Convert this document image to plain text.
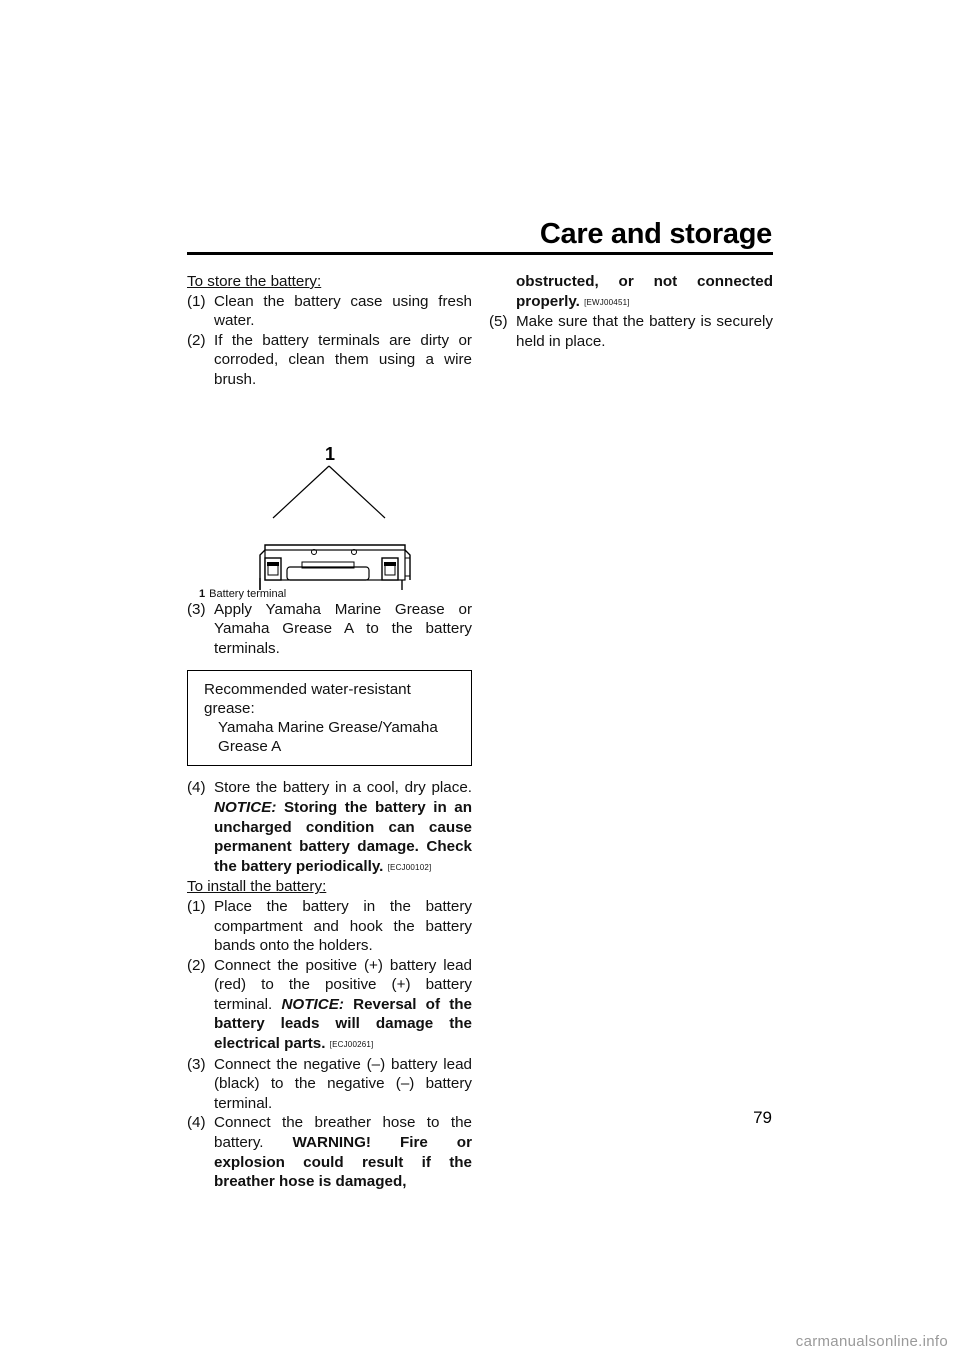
Care and storage

To store the battery:

(1) Clean the battery case using fresh water.
(2) If the battery terminals are dirty or corroded, clean them using a wire brush.
1
1 Battery terminal
(3) Apply Yamaha Marine Grease or Yamaha Grease A to the battery terminals.
Recommended water-resistant grease:
Yamaha Marine Grease/Yamaha Grease A
(4) Store the battery in a cool, dry place. NOTICE: Storing the battery in an uncharged condition can cause permanent battery damage. Check the battery periodically. [ECJ00102]

To install the battery:

(1) Place the battery in the battery compartment and hook the battery bands onto the holders.
(2) Connect the positive (+) battery lead (red) to the positive (+) battery terminal. NOTICE: Reversal of the battery leads will damage the electrical parts. [ECJ00261]
(3) Connect the negative (–) battery lead (black) to the negative (–) battery terminal.
(4) Connect the breather hose to the battery. WARNING! Fire or explosion could result if the breather hose is damaged,
obstructed, or not connected properly. [EWJ00451]
(5) Make sure that the battery is securely held in place.
79
carmanualsonline.info
